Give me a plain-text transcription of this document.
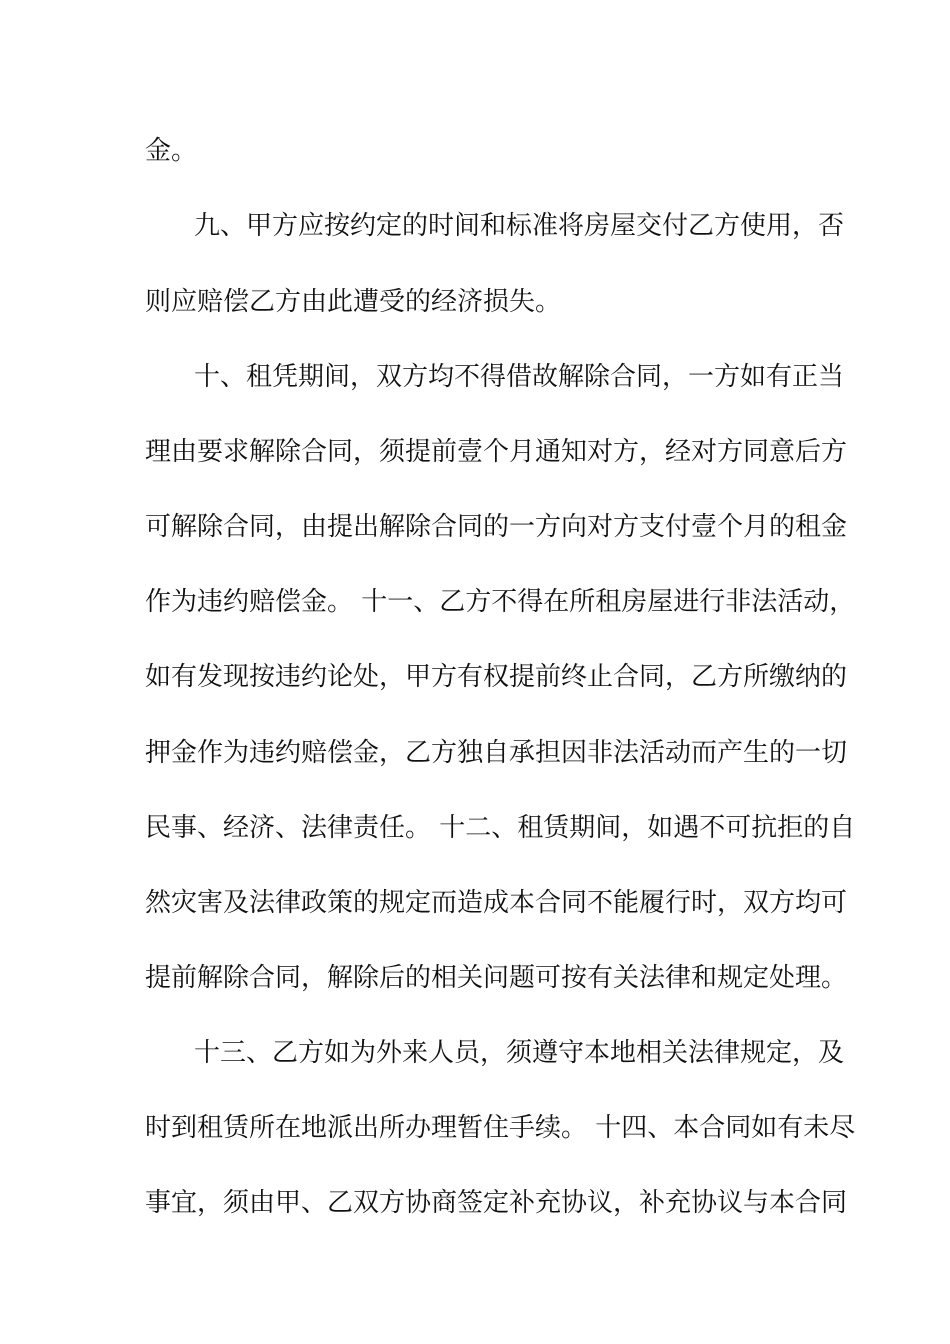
金。
九、甲方应按约定的时间和标准将房屋交付乙方使用，否
则应赔偿乙方由此遭受的经济损失。
十、租凭期间，双方均不得借故解除合同，一方如有正当
理由要求解除合同，须提前壹个月通知对方，经对方同意后方
可解除合同，由提出解除合同的一方向对方支付壹个月的租金
作为违约赔偿金。 十一、乙方不得在所租房屋进行非法活动，
如有发现按违约论处，甲方有权提前终止合同，乙方所缴纳的
押金作为违约赔偿金，乙方独自承担因非法活动而产生的一切
民事、经济、法律责任。 十二、租赁期间，如遇不可抗拒的自
然灾害及法律政策的规定而造成本合同不能履行时，双方均可
提前解除合同，解除后的相关问题可按有关法律和规定处理。
十三、乙方如为外来人员，须遵守本地相关法律规定，及
时到租赁所在地派出所办理暂住手续。 十四、本合同如有未尽
事宜，须由甲、乙双方协商签定补充协议，补充协议与本合同
